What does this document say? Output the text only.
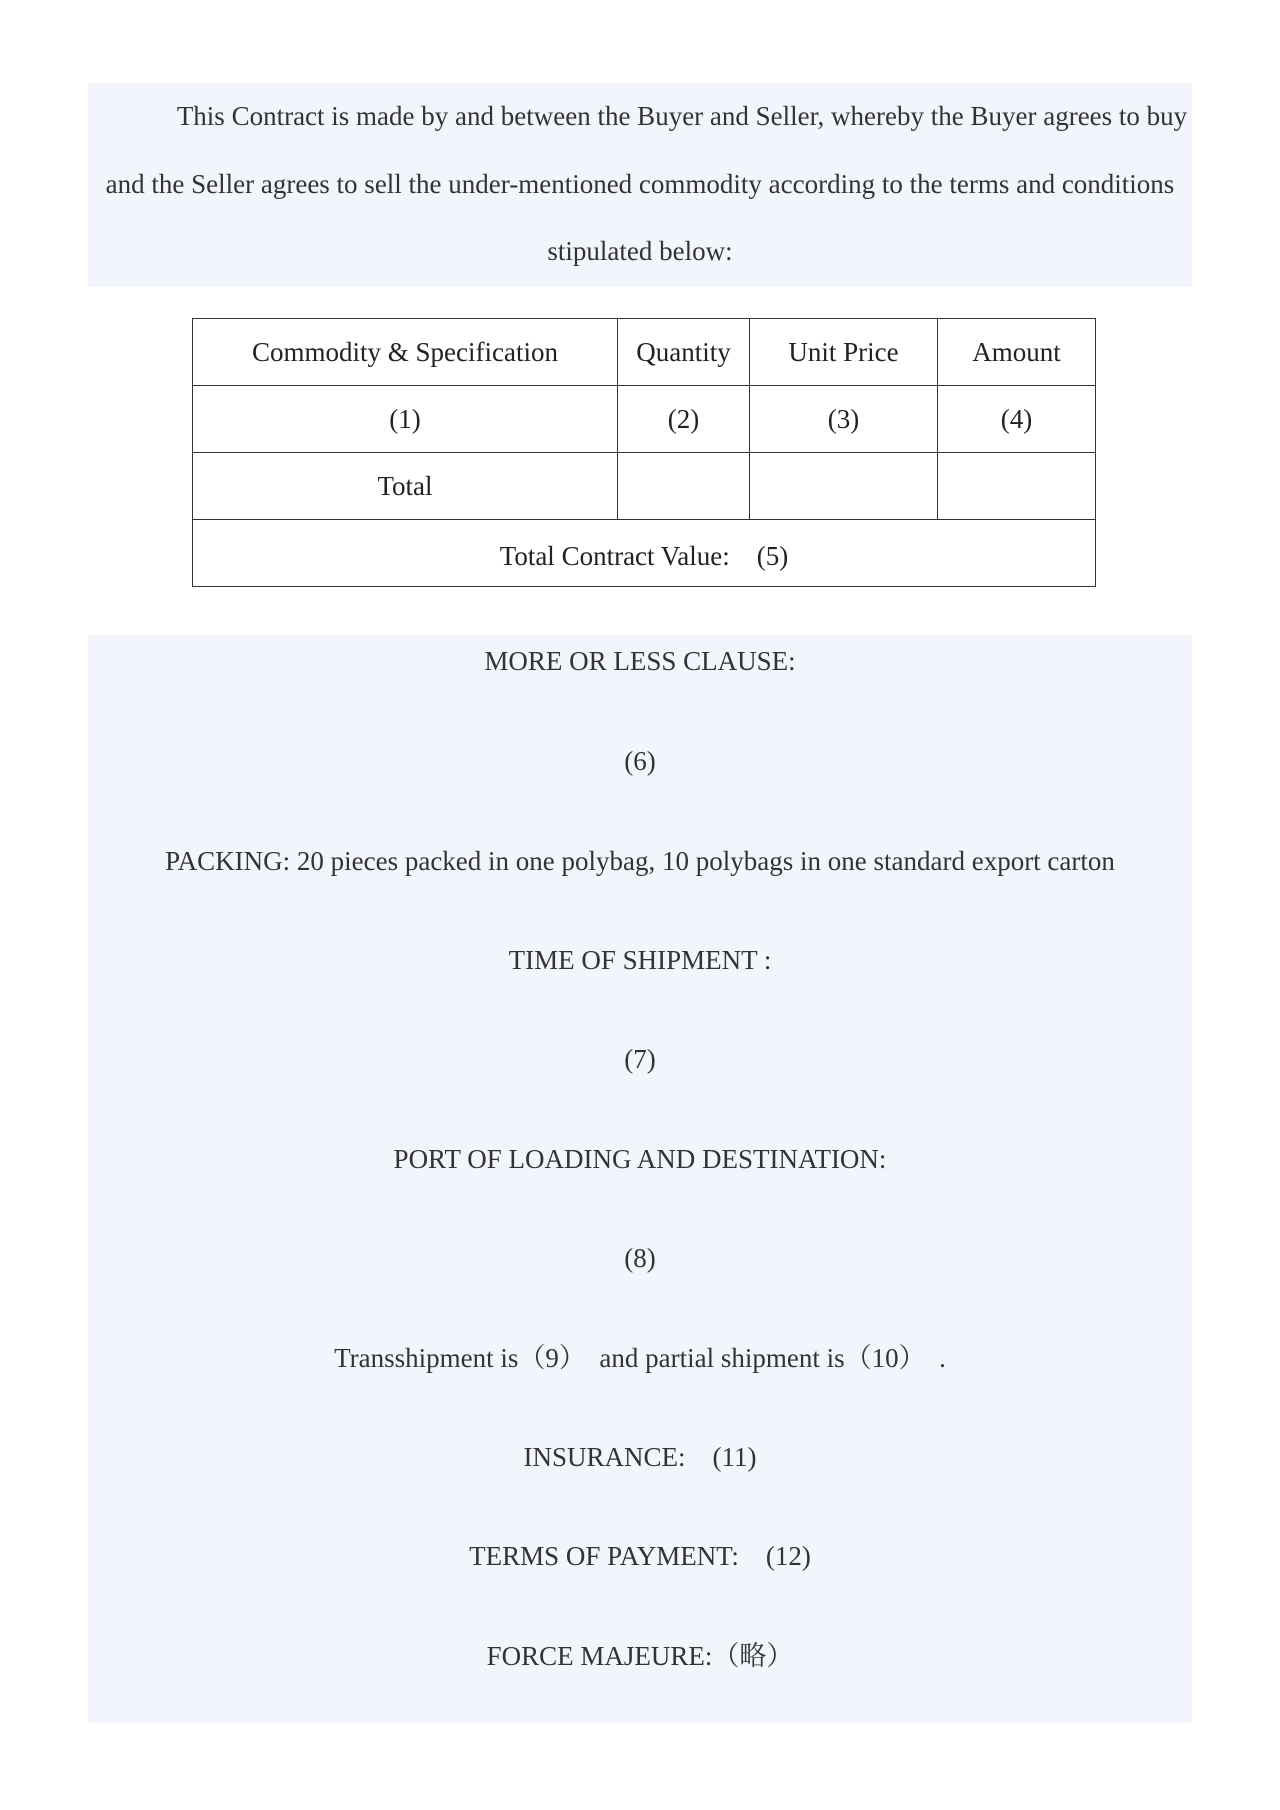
This Contract is made by and between the Buyer and Seller, whereby the Buyer agrees to buy and the Seller agrees to sell the under-mentioned commodity according to the terms and conditions stipulated below:

Commodity & Specification	Quantity	Unit Price	Amount
(1)	(2)	(3)	(4)
Total			
Total Contract Value:　(5)			

MORE OR LESS CLAUSE:

(6)

PACKING: 20 pieces packed in one polybag, 10 polybags in one standard export carton

TIME OF SHIPMENT :

(7)

PORT OF LOADING AND DESTINATION:

(8)

Transshipment is（9）　and partial shipment is（10）　.

INSURANCE:　(11)

TERMS OF PAYMENT:　(12)

FORCE MAJEURE:（略）
